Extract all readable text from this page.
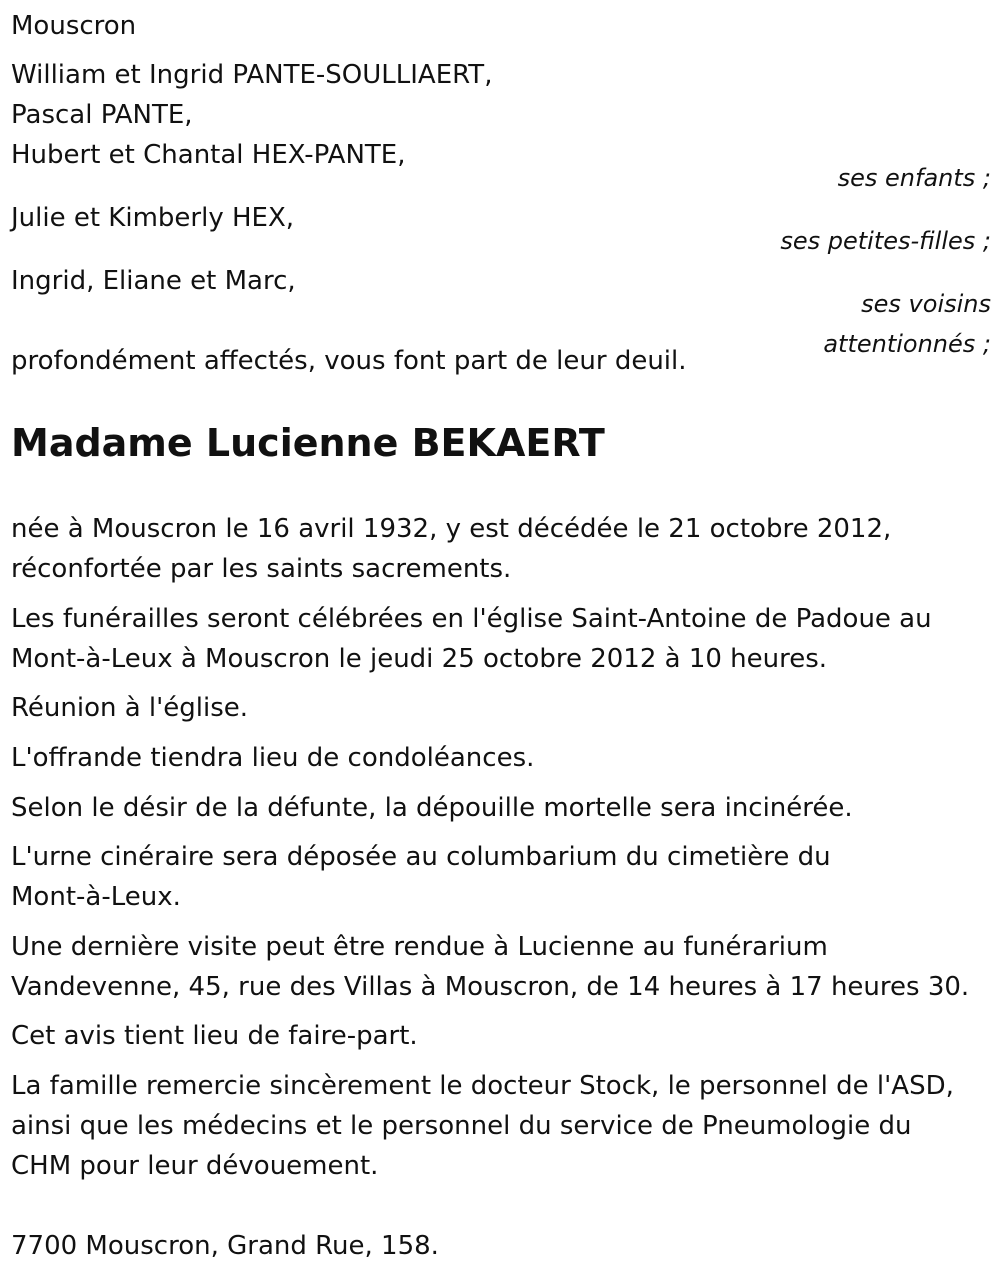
Mouscron
William et Ingrid PANTE-SOULLIAERT,
Pascal PANTE,
Hubert et Chantal HEX-PANTE,
ses enfants ;
Julie et Kimberly HEX,
ses petites-filles ;
Ingrid, Eliane et Marc,
ses voisins
attentionnés ;
profondément affectés, vous font part de leur deuil.
Madame Lucienne BEKAERT
née à Mouscron le 16 avril 1932, y est décédée le 21 octobre 2012,
réconfortée par les saints sacrements.
Les funérailles seront célébrées en l'église Saint-Antoine de Padoue au
Mont-à-Leux à Mouscron le jeudi 25 octobre 2012 à 10 heures.
Réunion à l'église.
L'offrande tiendra lieu de condoléances.
Selon le désir de la défunte, la dépouille mortelle sera incinérée.
L'urne cinéraire sera déposée au columbarium du cimetière du
Mont-à-Leux.
Une dernière visite peut être rendue à Lucienne au funérarium
Vandevenne, 45, rue des Villas à Mouscron, de 14 heures à 17 heures 30.
Cet avis tient lieu de faire-part.
La famille remercie sincèrement le docteur Stock, le personnel de l'ASD,
ainsi que les médecins et le personnel du service de Pneumologie du
CHM pour leur dévouement.
7700 Mouscron, Grand Rue, 158.
